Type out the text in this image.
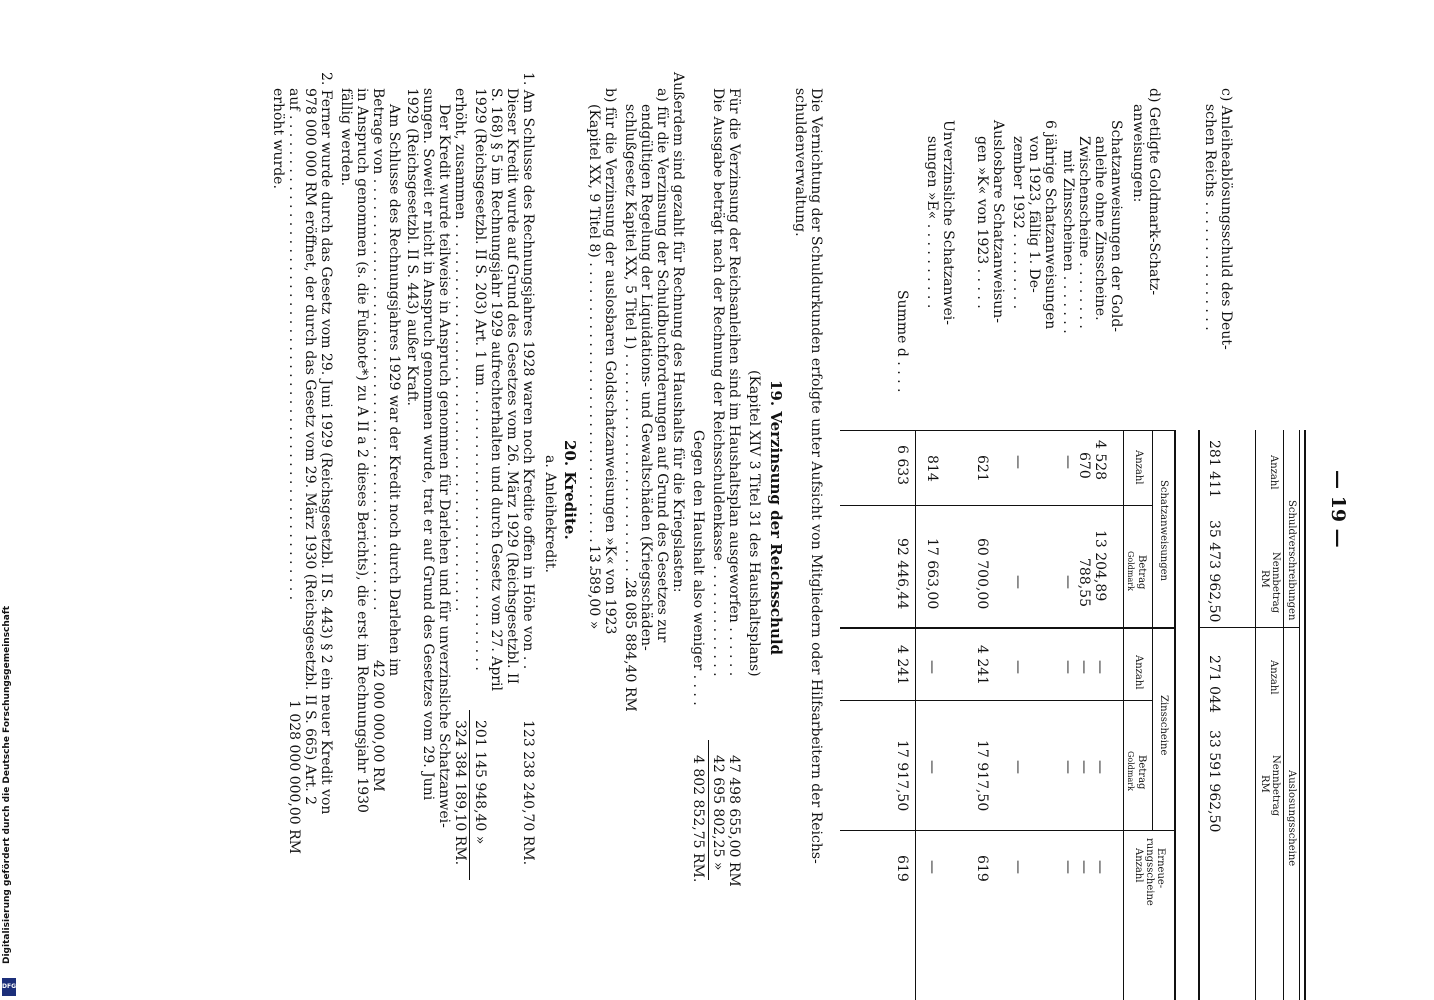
— 19 —
Schuldverschreibungen
Auslosungsscheine
Anzahl
Nennbetrag
RM
Anzahl
Nennbetrag
RM
c) Anleiheablösungsschuld des Deut-
schen Reichs . . . . . . . . . . . . . . .
281 411
35 473 962,50
271 044
33 591 962,50
Schatzanweisungen
Zinsscheine
Anzahl
Betrag
Goldmark
Anzahl
Betrag
Goldmark
Erneue-
rungsscheine
Anzahl
d) Getilgte Goldmark-Schatz-
anweisungen:
Schatzanweisungen der Gold-
anleihe ohne Zinsscheine.
4 528
13 204,89
—
—
—
Zwischenscheine . . . . . . . .
670
788,55
—
—
—
mit Zinsscheinen . . . . . . .
—
—
—
—
—
6 jährige Schatzanweisungen
von 1923, fällig 1. De-
zember 1932 . . . . . . . . .
—
—
—
—
—
Auslosbare Schatzanweisun-
gen »K« von 1923 . . . . .
621
60 700,00
4 241
17 917,50
619
Unverzinsliche Schatzanwei-
sungen »E« . . . . . . . . . .
814
17 663,00
—
—
—
Summe d . . . .
6 633
92 446,44
4 241
17 917,50
619
Die Vernichtung der Schuldurkunden erfolgte unter Aufsicht von Mitgliedern oder Hilfsarbeitern der Reichs-
schuldenverwaltung.
19. Verzinsung der Reichsschuld
(Kapitel XIV 3 Titel 31 des Haushaltsplans)
Für die Verzinsung der Reichsanleihen sind im Haushaltsplan ausgeworfen . . . . . .
47 498 655,00 RM
Die Ausgabe beträgt nach der Rechnung der Reichsschuldenkasse . . . . . . . . . . . . .
42 695 802,25 »
Gegen den Haushalt also weniger . . . .
4 802 852,75 RM.
Außerdem sind gezahlt für Rechnung des Haushalts für die Kriegslasten:
a) für die Verzinsung der Schuldbuchforderungen auf Grund des Gesetzes zur
endgültigen Regelung der Liquidations- und Gewaltschäden (Kriegsschäden-
schlußgesetz Kapitel XX, 5 Titel 1) . . . . . . . . . . . . . . . . . . . . . . . . . . . . . .
28 085 884,40 RM
b) für die Verzinsung der auslosbaren Goldschatzanweisungen »K« von 1923
(Kapitel XX, 9 Titel 8) . . . . . . . . . . . . . . . . . . . . . . . . . . . . . . . . . . .
13 589,00 »
20. Kredite.
a. Anleihekredit.
1. Am Schlusse des Rechnungsjahres 1928 waren noch Kredite offen in Höhe von . .
123 238 240,70 RM.
Dieser Kredit wurde auf Grund des Gesetzes vom 26. März 1929 (Reichsgesetzbl. II
S. 168) § 5 im Rechnungsjahr 1929 aufrechterhalten und durch Gesetz vom 27. April
1929 (Reichsgesetzbl. II S. 203) Art. 1 um . . . . . . . . . . . . . . . . . . . . . . . . . . . . . . . .
201 145 948,40 »
erhöht, zusammen . . . . . . . . . . . . . . . . . . . . . . . . . . . . . . . . . . . . . . . . . . . .
324 384 189,10 RM.
Der Kredit wurde teilweise in Anspruch genommen für Darlehen und für unverzinsliche Schatzanwei-
sungen. Soweit er nicht in Anspruch genommen wurde, trat er auf Grund des Gesetzes vom 29. Juni
1929 (Reichsgesetzbl. II S. 443) außer Kraft.
Am Schlusse des Rechnungsjahres 1929 war der Kredit noch durch Darlehen im
Betrage von . . . . . . . . . . . . . . . . . . . . . . . . . . . . . . . . . . . . . . . . . . . . . . . . .
42 000 000,00 RM
in Anspruch genommen (s. die Fußnote*) zu A II a 2 dieses Berichts), die erst im Rechnungsjahr 1930
fällig werden.
2. Ferner wurde durch das Gesetz vom 29. Juni 1929 (Reichsgesetzbl. II S. 443) § 2 ein neuer Kredit von
978 000 000 RM eröffnet, der durch das Gesetz vom 29. März 1930 (Reichsgesetzbl. II S. 665) Art. 2
auf . . . . . . . . . . . . . . . . . . . . . . . . . . . . . . . . . . . . . . . . . . . . . . . . . . . . . . .
1 028 000 000,00 RM
erhöht wurde.
Digitalisierung gefördert durch die Deutsche Forschungsgemeinschaft
DFG
